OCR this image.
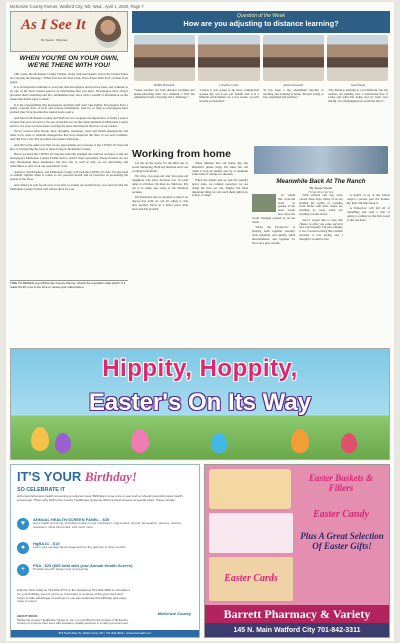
McKenzie County Farmer, Watford City, ND, Wed., April 1, 2020, Page 7
As I See It
By Neal A. Shipman
WHEN YOU'RE ON YOUR OWN, WE'RE THERE WITH YOU!

This week, the McKenzie County Farmer, along with newspapers across the United States are carrying the message, "When You Are On Your Own, We're There With You" on their front pages.

It is an important reminder to everyone that newspapers always have been, and continue to be one of the most trusted sources of information that you have. Newspapers have always provided their readership and the communities they serve with a wealth of information on the issues that matter most to them.

It is the responsibility that newspapers and their staff don't take lightly. Newspapers have a nearly constant flow of local and concise information. And for as long as newspapers have existed, they have become that trusted news source.

And here in McKenzie County and Watford, we recognize the importance of being a source of news that you can turn to. We are proud that we are the oldest business in McKenzie County and for 112 years we have been covering the news that impacts the lives of our readers.

We've covered farm floods, fires, droughts, tornadoes, town and health emergencies and other local, state or national emergencies that have impacted the lives of our area residents. And did it in a way that provided our readers with hope.

And that is the same way that we are approaching our coverage of the COVID-19 virus and how it is impacting the lives of those living in McKenzie County.

But as we learn the COVID-19 virus has radically changed the world as we know it and our newspaper's McKenzie County Farmer had to restrict their operations. These closures are not only threatening these businesses, but also our, as well as why we are advertising and subscribers to ours of all our operational costs.

America, North Dakota, and McKenzie County will beat the COVID-19 virus. We just need to remain vigilant when it comes to our personal health and be proactive in preventing the spread of the virus.

And when it is safe for all of us to be able to resume our normal lives, you can trust that the McKenzie County Farmer will still be there for you.

TIME TO RENEW your McKenzie County Farmer. Check the expiration date which. If it reads 03 20, now is the time to renew your subscription.
Question of the Week
How are you adjusting to distance learning?
Bobbi Schwartz
"Some teachers are both distance teaching and home-schooling their two children. I find the adjustment both a blessing and a challenge."
Caroline Cross
"I know it was going to be more complicated because my son I use our friends and it is a different environment. As a few weeks, we will become accustomed."
Anita Schwartz
"It has been a big adjustment moving to teaching and working at home. I'm just trying to stay organized and positive."
Jessi Davis
"The distance learning is a lot different, but my teachers are making sure I understand how it works and what I'm doing and it's been very helpful. It is challenging but worth the effort."
Working from home

Let me set the scene: It's the third day of social distancing. Both my husband and I are working from home.

We have two-year-old and four-year-old daughters who have declared war on each other at all times. We have no childcare. My job is to make sure none of the disasters escalate.

I'm frustrated and we decided to take it on day-by-day until we can all adjust to this new normal. We're in a better place than most and I'm grateful.

Three minutes into our home day, my husband's phone rings. He takes his call while I work on emails and try to maintain some kind of routine for the kids.

When the dishes pile up and the laundry never ends, we remind ourselves we are doing the best we can. Maybe the most important thing we can teach them right now is how to adapt.

Meanwhile Back At The Ranch
By Jessie Veeder
Forum News Service

To whom this cross-did from us speaks. It has been weeks now since the world changed around us on the ranch.

"Draw the Eyebrows" or playing dolls together recently, with suddenly, and quietly, small merchandised, and together we have set a new routine.

With schools and day cares closed these days, many of us are finding the reality of working from home with kids. Some are learning to cook, some are learning to bake bread.

And I would like to take this chance to offer you some survival tips, but honestly, I'm just winging it too. I started writing this column because it was spring and I thought it would be fun.

A bunch of us at the school staged a parade past the houses. My kids still talk about it.

A Tomorrow will fall off of something and read a trail of spring to remind us that this world is still out there.

Hippity, Hoppity,
Easter's On Its Way
IT'S YOUR Birthday!
SO CELEBRATE IT
with comprehensive health screening at reduced rates! Birthdays come once a year and so should comprehensive health screenings. That's why McKenzie County Healthcare Systems offers annual screens at special rates. These include:
♥
ANNUAL HEALTH SCREEN PANEL - $35
Get a health screening, including results of your cholesterol, triglycerides, thyroid, hemoglobin, glucose, calcium, potassium, white blood cells, and much more.
●
HgBA1C - $15
Learn your average blood sugar level for the past two to three months.
+
PSA - $25 ($65 total with your Annual Health Screen)
Prostate specific antigen test & screening.
Call the clinic today at 701-842-3771 or the hospital at 701-842-3000 to schedule it for your birthday, even if you've to remember or anytime of the year! And don't forget to take advantage of savings so you can celebrate this birthday and many more to come!
ABOUT MCHS
McKenzie County Healthcare Systems, Inc. is committed to the people of McKenzie County to improve their lives with excellent, quality services in a caring environment.
McKenzie County
516 North Main St. Watford City, ND • 701-842-3000 • mckenziehealth.com
Easter Baskets & Fillers
Easter Candy
Easter Cards
Plus A Great Selection Of Easter Gifts!
Barrett Pharmacy & Variety
145 N. Main Watford City 701-842-3311
